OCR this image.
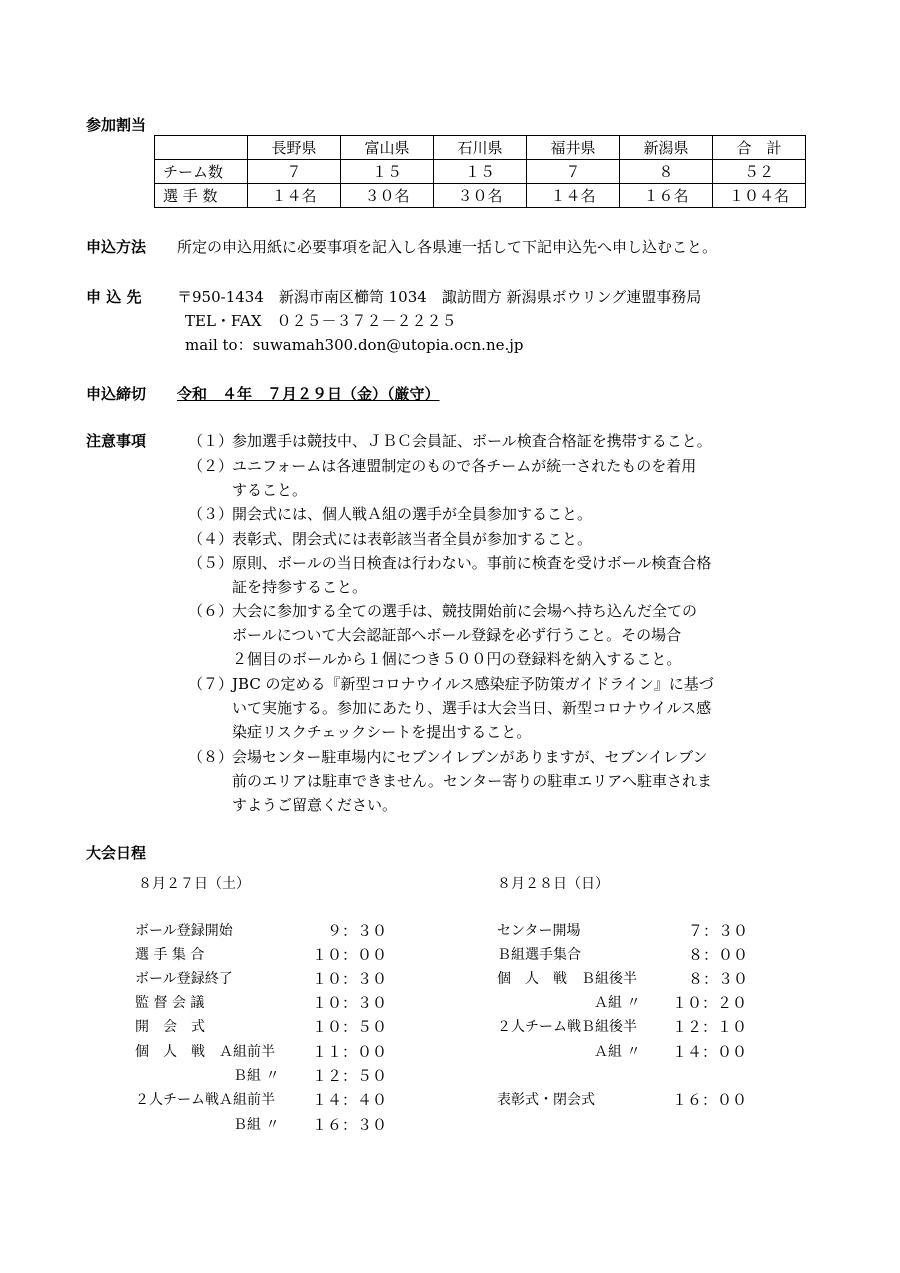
参加割当
	長野県	富山県	石川県	福井県	新潟県	合　計
チーム数	７	１５	１５	７	８	５２
選 手 数	１４名	３０名	３０名	１４名	１６名	１０４名
申込方法 所定の申込用紙に必要事項を記入し各県連一括して下記申込先へ申し込むこと。
申 込 先 〒950-1434　新潟市南区櫛笥 1034　諏訪間方 新潟県ボウリング連盟事務局
TEL・FAX　０２５－３７２－２２２５
mail to：suwamah300.don@utopia.ocn.ne.jp
申込締切 令和　４年　７月２９日（金）（厳守）
注意事項	（１）
参加選手は競技中、ＪＢＣ会員証、ボール検査合格証を携帯すること。
（２）
ユニフォームは各連盟制定のもので各チームが統一されたものを着用
すること。
（３）
開会式には、個人戦Ａ組の選手が全員参加すること。
（４）
表彰式、閉会式には表彰該当者全員が参加すること。
（５）
原則、ボールの当日検査は行わない。事前に検査を受けボール検査合格
証を持参すること。
（６）
大会に参加する全ての選手は、競技開始前に会場へ持ち込んだ全ての
ボールについて大会認証部へボール登録を必ず行うこと。その場合
２個目のボールから１個につき５００円の登録料を納入すること。
（７）
JBC の定める『新型コロナウイルス感染症予防策ガイドライン』に基づ
いて実施する。参加にあたり、選手は大会当日、新型コロナウイルス感
染症リスクチェックシートを提出すること。
（８）
会場センター駐車場内にセブンイレブンがありますが、セブンイレブン
前のエリアは駐車できません。センター寄りの駐車エリアへ駐車されま
すようご留意ください。
大会日程
８月２７日（土）
ボール登録開始	９：３０
選 手 集 合	１０：００
ボール登録終了	１０：３０
監 督 会 議	１０：３０
開　会　式	１０：５０
個　人　戦　Ａ組前半 １１：００
Ｂ組 〃 １２：５０
２人チーム戦Ａ組前半 １４：４０
Ｂ組 〃 １６：３０
８月２８日（日）
センター開場	７：３０
Ｂ組選手集合	８：００
個　人　戦　Ｂ組後半	８：３０
Ａ組 〃 １０：２０
２人チーム戦Ｂ組後半 １２：１０
Ａ組 〃 １４：００
表彰式・閉会式	１６：００
